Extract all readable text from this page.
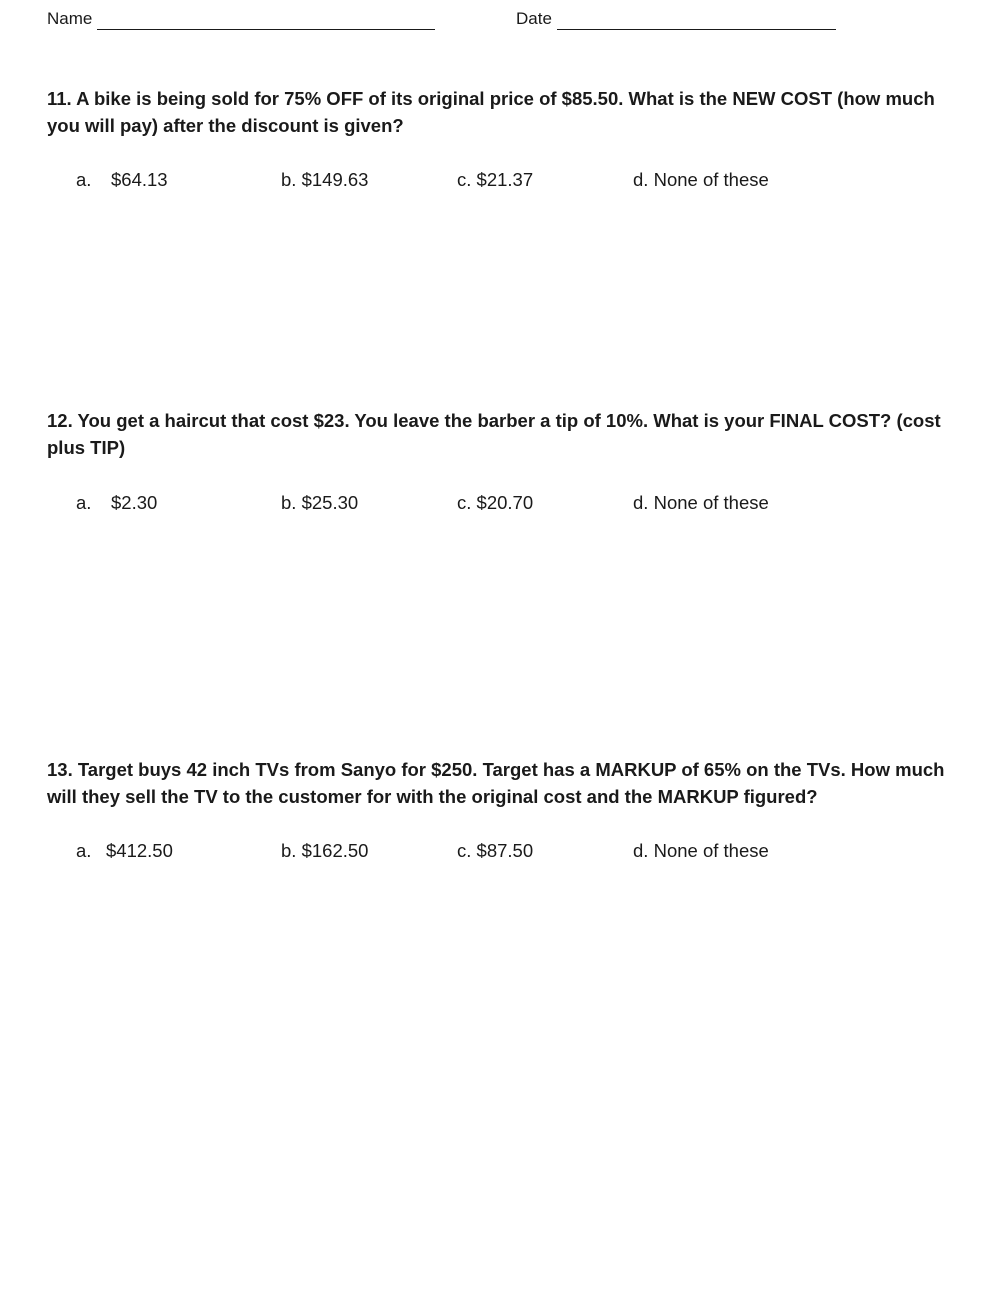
Name	Date

11. A bike is being sold for 75% OFF of its original price of $85.50. What is the NEW COST (how much you will pay) after the discount is given?

a. $64.13	b. $149.63	c. $21.37	d. None of these

12. You get a haircut that cost $23. You leave the barber a tip of 10%. What is your FINAL COST? (cost plus TIP)

a. $2.30	b. $25.30	c. $20.70	d. None of these

13. Target buys 42 inch TVs from Sanyo for $250. Target has a MARKUP of 65% on the TVs. How much will they sell the TV to the customer for with the original cost and the MARKUP figured?

a. $412.50	b. $162.50	c. $87.50	d. None of these
